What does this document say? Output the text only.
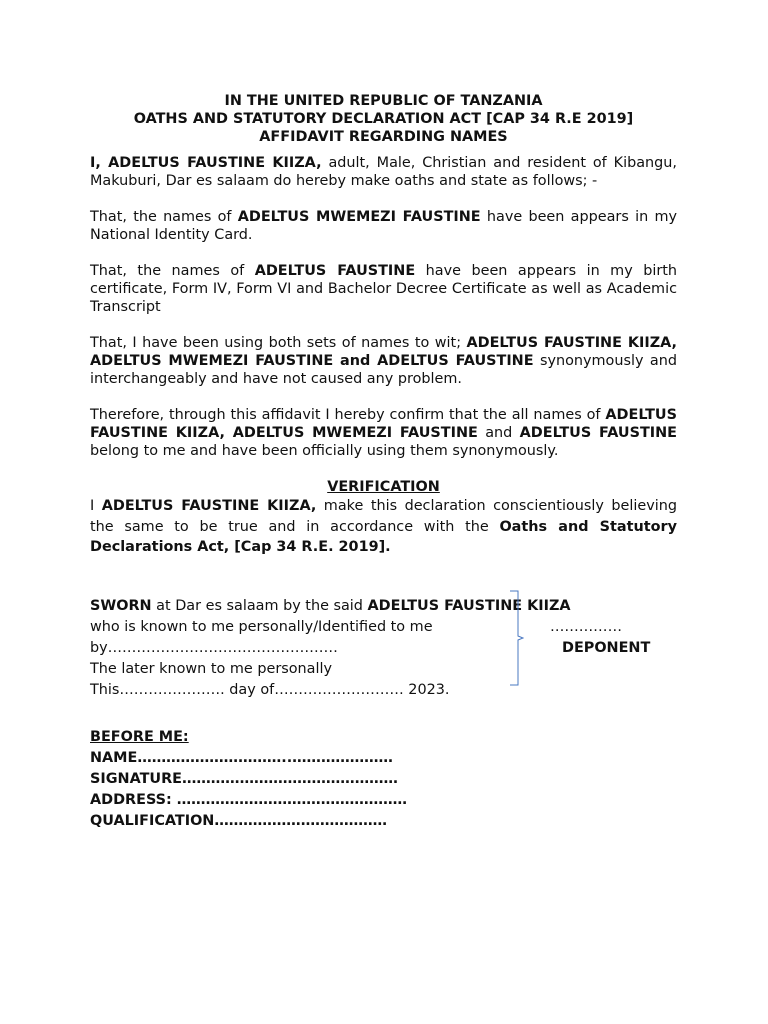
IN THE UNITED REPUBLIC OF TANZANIA
OATHS AND STATUTORY DECLARATION ACT [CAP 34 R.E 2019]
AFFIDAVIT REGARDING NAMES

I, ADELTUS FAUSTINE KIIZA, adult, Male, Christian and resident of Kibangu, Makuburi, Dar es salaam do hereby make oaths and state as follows; -

That, the names of ADELTUS MWEMEZI FAUSTINE have been appears in my National Identity Card.

That, the names of ADELTUS FAUSTINE have been appears in my birth certificate, Form IV, Form VI and Bachelor Decree Certificate as well as Academic Transcript

That, I have been using both sets of names to wit; ADELTUS FAUSTINE KIIZA, ADELTUS MWEMEZI FAUSTINE and ADELTUS FAUSTINE synonymously and interchangeably and have not caused any problem.

Therefore, through this affidavit I hereby confirm that the all names of ADELTUS FAUSTINE KIIZA, ADELTUS MWEMEZI FAUSTINE and ADELTUS FAUSTINE belong to me and have been officially using them synonymously.

VERIFICATION

I ADELTUS FAUSTINE KIIZA, make this declaration conscientiously believing the same to be true and in accordance with the Oaths and Statutory Declarations Act, [Cap 34 R.E. 2019].

SWORN at Dar es salaam by the said ADELTUS FAUSTINE KIIZA
who is known to me personally/Identified to me
by…………………………………………
The later known to me personally
This…………………. day of……………………… 2023.
……………
DEPONENT
BEFORE ME:
NAME…………………………..…………………
SIGNATURE………………………………………
ADDRESS: …………………………………………
QUALIFICATION………………………………
